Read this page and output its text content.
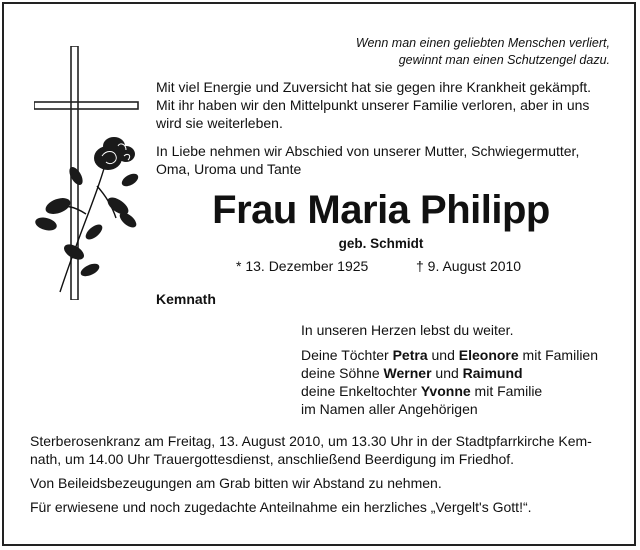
Wenn man einen geliebten Menschen verliert,
gewinnt man einen Schutzengel dazu.

Mit viel Energie und Zuversicht hat sie gegen ihre Krankheit gekämpft.
Mit ihr haben wir den Mittelpunkt unserer Familie verloren, aber in uns
wird sie weiterleben.

In Liebe nehmen wir Abschied von unserer Mutter, Schwiegermutter,
Oma, Uroma und Tante

Frau Maria Philipp
geb. Schmidt
* 13. Dezember 1925	† 9. August 2010
Kemnath
In unseren Herzen lebst du weiter.
Deine Töchter Petra und Eleonore mit Familien
deine Söhne Werner und Raimund
deine Enkeltochter Yvonne mit Familie
im Namen aller Angehörigen

Sterberosenkranz am Freitag, 13. August 2010, um 13.30 Uhr in der Stadtpfarrkirche Kem-
nath, um 14.00 Uhr Trauergottesdienst, anschließend Beerdigung im Friedhof.

Von Beileidsbezeugungen am Grab bitten wir Abstand zu nehmen.

Für erwiesene und noch zugedachte Anteilnahme ein herzliches „Vergelt's Gott!“.
